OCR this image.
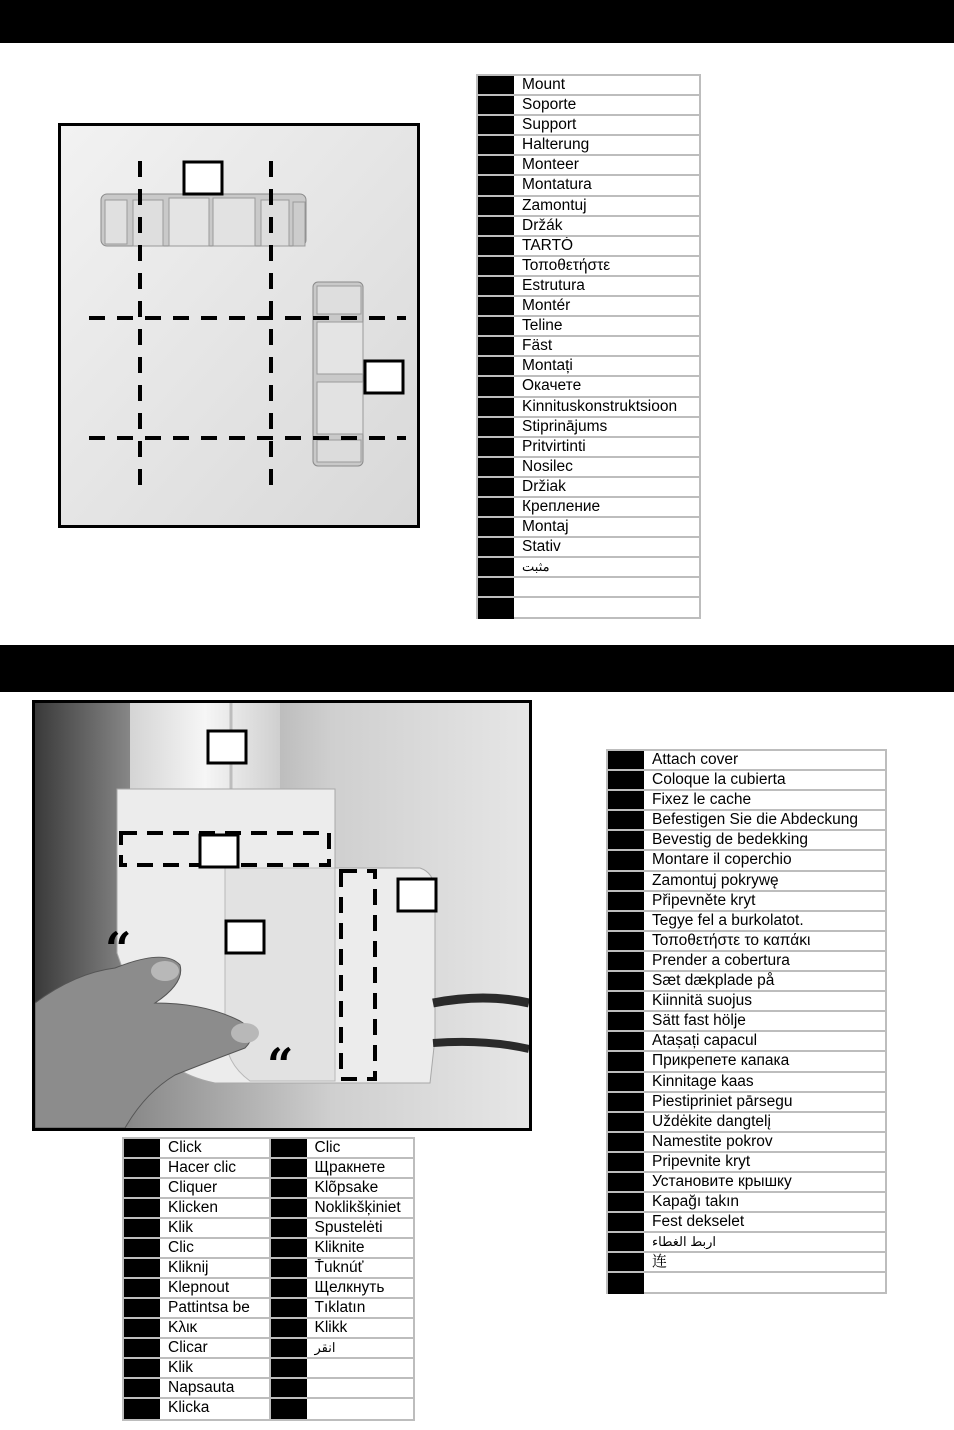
Mount
Soporte
Support
Halterung
Monteer
Montatura
Zamontuj
Držák
TARTÓ
Τοποθετήστε
Estrutura
Montér
Teline
Fäst
Montați
Окачете
Kinnituskonstruktsioon
Stiprinājums
Pritvirtinti
Nosilec
Držiak
Крепление
Montaj
Stativ
مثبت
“
“
Attach cover
Coloque la cubierta
Fixez le cache
Befestigen Sie die Abdeckung
Bevestig de bedekking
Montare il coperchio
Zamontuj pokrywę
Připevněte kryt
Tegye fel a burkolatot.
Τοποθετήστε το καπάκι
Prender a cobertura
Sæt dækplade på
Kiinnitä suojus
Sätt fast hölje
Atașați capacul
Прикрепете капака
Kinnitage kaas
Piestipriniet pārsegu
Uždėkite dangtelį
Namestite pokrov
Pripevnite kryt
Установите крышку
Kapağı takın
Fest dekselet
اربط الغطاء
连
Click
Hacer clic
Cliquer
Klicken
Klik
Clic
Kliknij
Klepnout
Pattintsa be
Κλικ
Clicar
Klik
Napsauta
Klicka
Clic
Щракнете
Klõpsake
Noklikšķiniet
Spustelėti
Kliknite
Ťuknúť
Щелкнуть
Tıklatın
Klikk
انقر
